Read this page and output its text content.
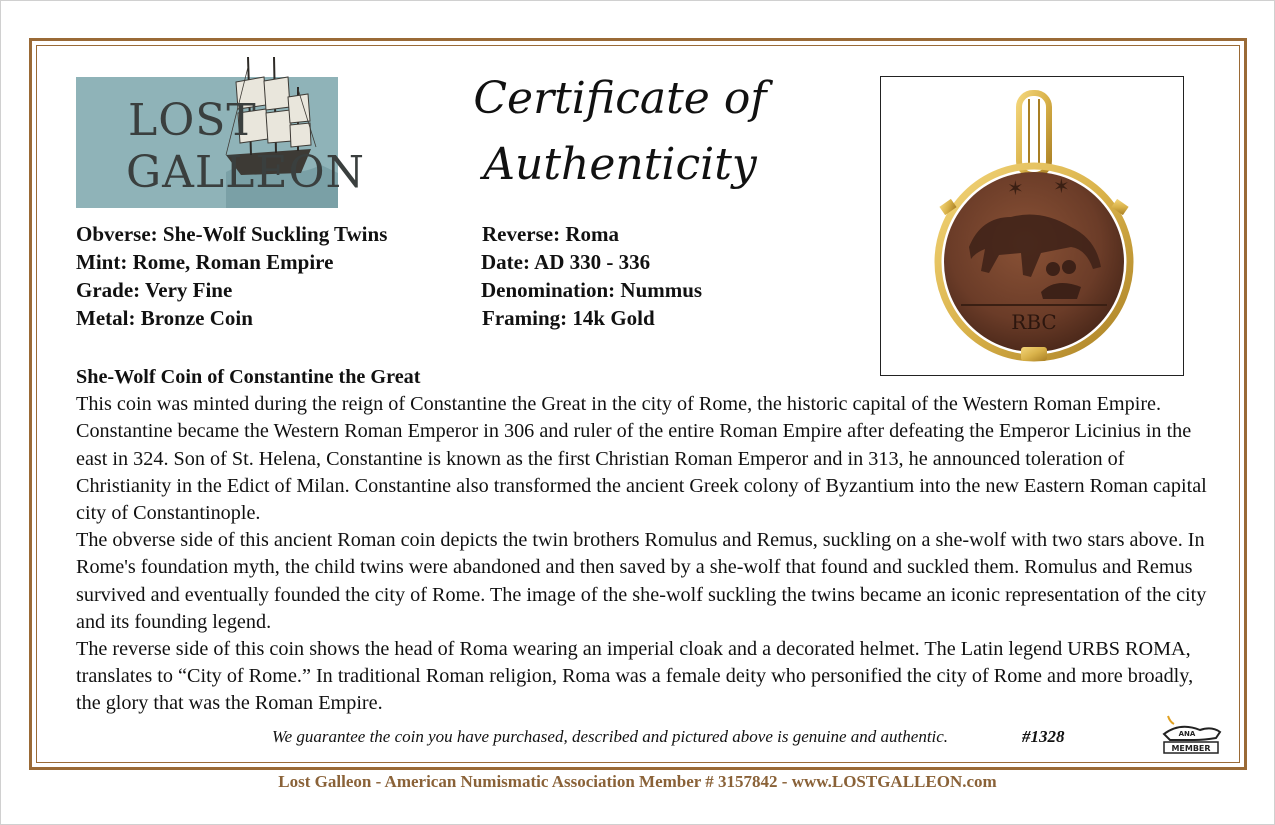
LOST
GALLEON
Certificate of
Authenticity
Obverse: She-Wolf Suckling Twins
Mint: Rome, Roman Empire
Grade: Very Fine
Metal: Bronze Coin
Reverse: Roma
Date: AD 330 - 336
Denomination: Nummus
Framing: 14k Gold
✶ ✶
RBC
She-Wolf Coin of Constantine the Great
This coin was minted during the reign of Constantine the Great in the city of Rome, the historic capital of the Western Roman Empire. Constantine became the Western Roman Emperor in 306 and ruler of the entire Roman Empire after defeating the Emperor Licinius in the east in 324. Son of St. Helena, Constantine is known as the first Christian Roman Emperor and in 313, he announced toleration of Christianity in the Edict of Milan. Constantine also transformed the ancient Greek colony of Byzantium into the new Eastern Roman capital city of Constantinople.
The obverse side of this ancient Roman coin depicts the twin brothers Romulus and Remus, suckling on a she-wolf with two stars above. In Rome's foundation myth, the child twins were abandoned and then saved by a she-wolf that found and suckled them. Romulus and Remus survived and eventually founded the city of Rome. The image of the she-wolf suckling the twins became an iconic representation of the city and its founding legend.
The reverse side of this coin shows the head of Roma wearing an imperial cloak and a decorated helmet. The Latin legend URBS ROMA, translates to “City of Rome.” In traditional Roman religion, Roma was a female deity who personified the city of Rome and more broadly, the glory that was the Roman Empire.
We guarantee the coin you have purchased, described and pictured above is genuine and authentic.	#1328	ANA
MEMBER
Lost Galleon - American Numismatic Association Member # 3157842 - www.LOSTGALLEON.com
